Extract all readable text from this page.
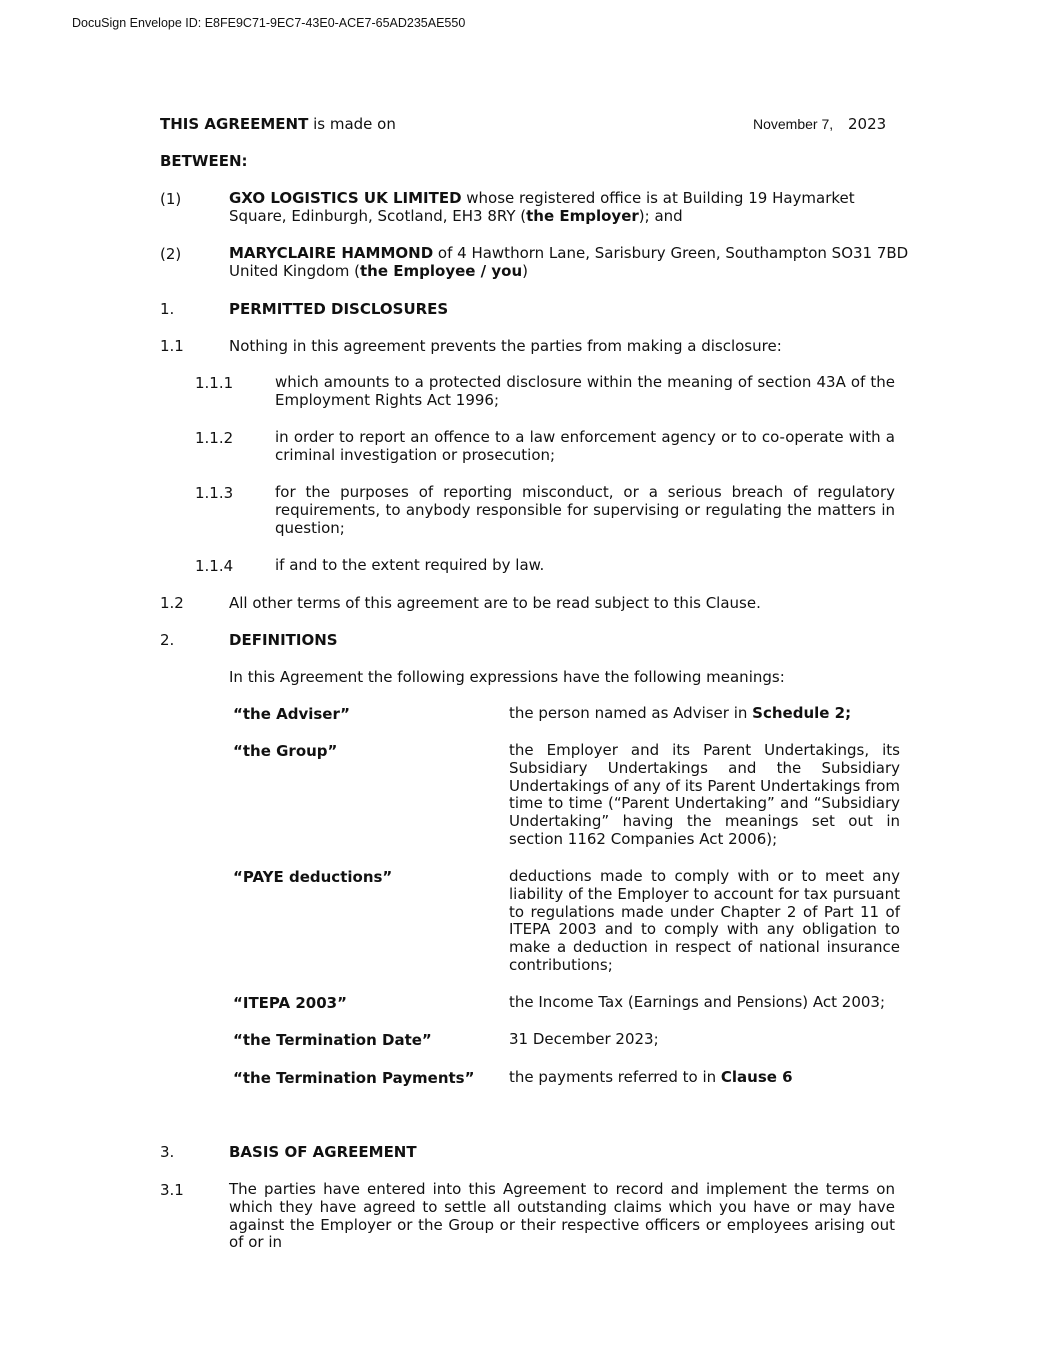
DocuSign Envelope ID: E8FE9C71-9EC7-43E0-ACE7-65AD235AE550
THIS AGREEMENT is made on	November 7, 2023
BETWEEN:
(1)	GXO LOGISTICS UK LIMITED whose registered office is at Building 19 Haymarket
Square, Edinburgh, Scotland, EH3 8RY (the Employer); and
(2)	MARYCLAIRE HAMMOND of 4 Hawthorn Lane, Sarisbury Green, Southampton SO31 7BD
United Kingdom (the Employee / you)
1.	PERMITTED DISCLOSURES
1.1	Nothing in this agreement prevents the parties from making a disclosure:
1.1.1	which amounts to a protected disclosure within the meaning of section 43A of the Employment Rights Act 1996;
1.1.2	in order to report an offence to a law enforcement agency or to co-operate with a criminal investigation or prosecution;
1.1.3	for the purposes of reporting misconduct, or a serious breach of regulatory requirements, to anybody responsible for supervising or regulating the matters in question;
1.1.4	if and to the extent required by law.
1.2	All other terms of this agreement are to be read subject to this Clause.
2.	DEFINITIONS
In this Agreement the following expressions have the following meanings:
“the Adviser”	the person named as Adviser in Schedule 2;
“the Group”	the Employer and its Parent Undertakings, its Subsidiary Undertakings and the Subsidiary Undertakings of any of its Parent Undertakings from time to time (“Parent Undertaking” and “Subsidiary Undertaking” having the meanings set out in section 1162 Companies Act 2006);
“PAYE deductions”	deductions made to comply with or to meet any liability of the Employer to account for tax pursuant to regulations made under Chapter 2 of Part 11 of ITEPA 2003 and to comply with any obligation to make a deduction in respect of national insurance contributions;
“ITEPA 2003”	the Income Tax (Earnings and Pensions) Act 2003;
“the Termination Date”	31 December 2023;
“the Termination Payments” the payments referred to in Clause 6
3.	BASIS OF AGREEMENT
3.1	The parties have entered into this Agreement to record and implement the terms on which they have agreed to settle all outstanding claims which you have or may have against the Employer or the Group or their respective officers or employees arising out of or in
